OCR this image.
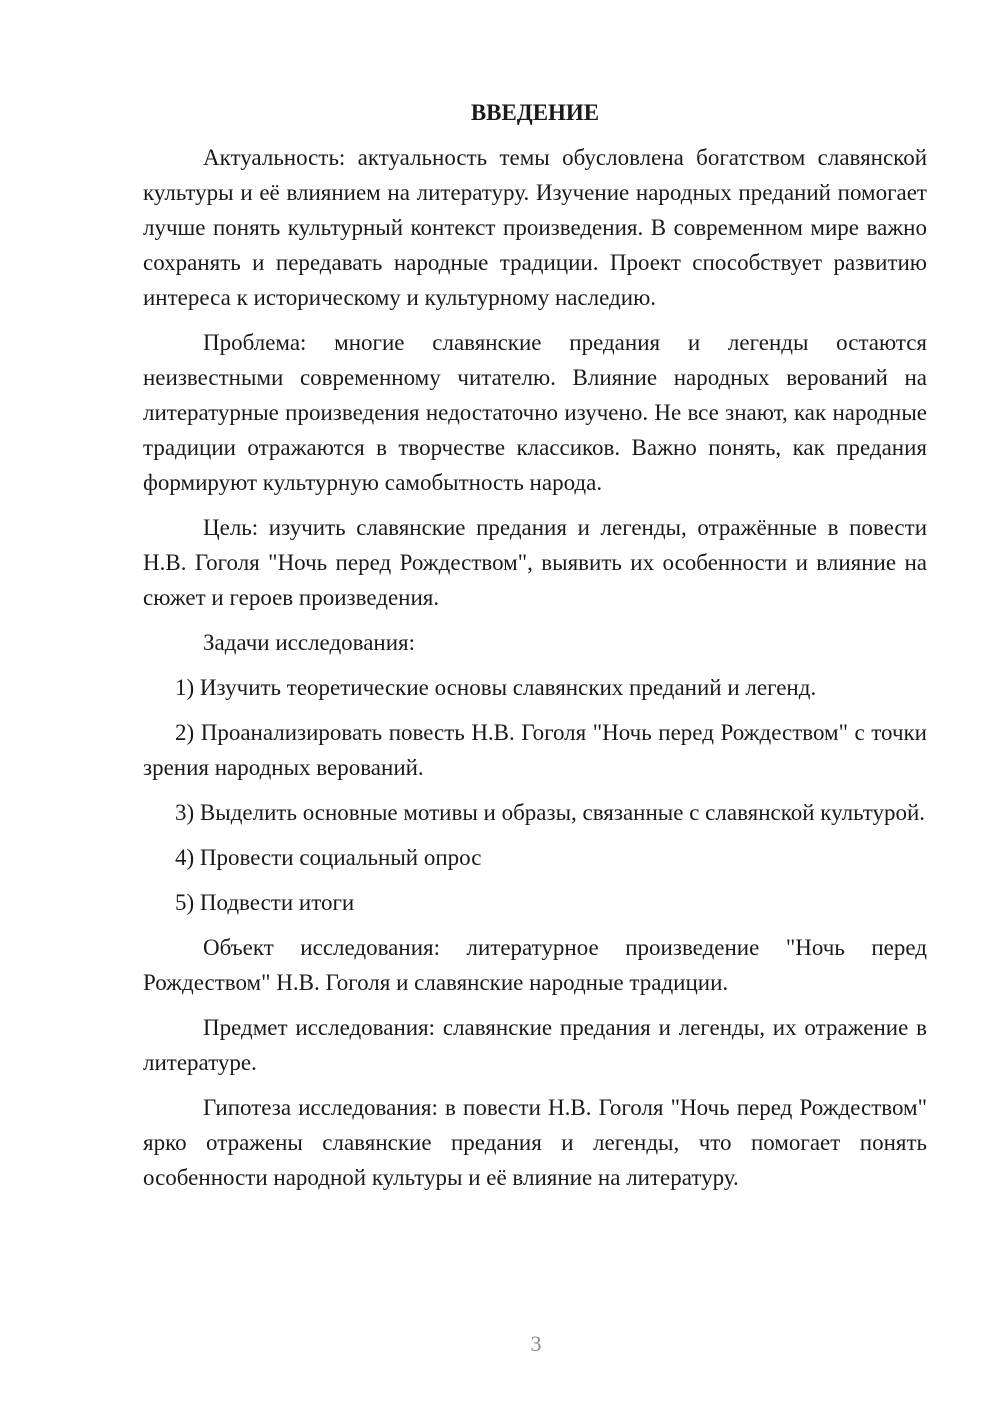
ВВЕДЕНИЕ

Актуальность: актуальность темы обусловлена богатством славянской культуры и её влиянием на литературу. Изучение народных преданий помогает лучше понять культурный контекст произведения. В современном мире важно сохранять и передавать народные традиции. Проект способствует развитию интереса к историческому и культурному наследию.

Проблема: многие славянские предания и легенды остаются неизвестными современному читателю. Влияние народных верований на литературные произведения недостаточно изучено. Не все знают, как народные традиции отражаются в творчестве классиков. Важно понять, как предания формируют культурную самобытность народа.

Цель: изучить славянские предания и легенды, отражённые в повести Н.В. Гоголя "Ночь перед Рождеством", выявить их особенности и влияние на сюжет и героев произведения.

Задачи исследования:

1) Изучить теоретические основы славянских преданий и легенд.

2) Проанализировать повесть Н.В. Гоголя "Ночь перед Рождеством" с точки зрения народных верований.

3) Выделить основные мотивы и образы, связанные с славянской культурой.

4) Провести социальный опрос

5) Подвести итоги

Объект исследования: литературное произведение "Ночь перед Рождеством" Н.В. Гоголя и славянские народные традиции.

Предмет исследования: славянские предания и легенды, их отражение в литературе.

Гипотеза исследования: в повести Н.В. Гоголя "Ночь перед Рождеством" ярко отражены славянские предания и легенды, что помогает понять особенности народной культуры и её влияние на литературу.

3
